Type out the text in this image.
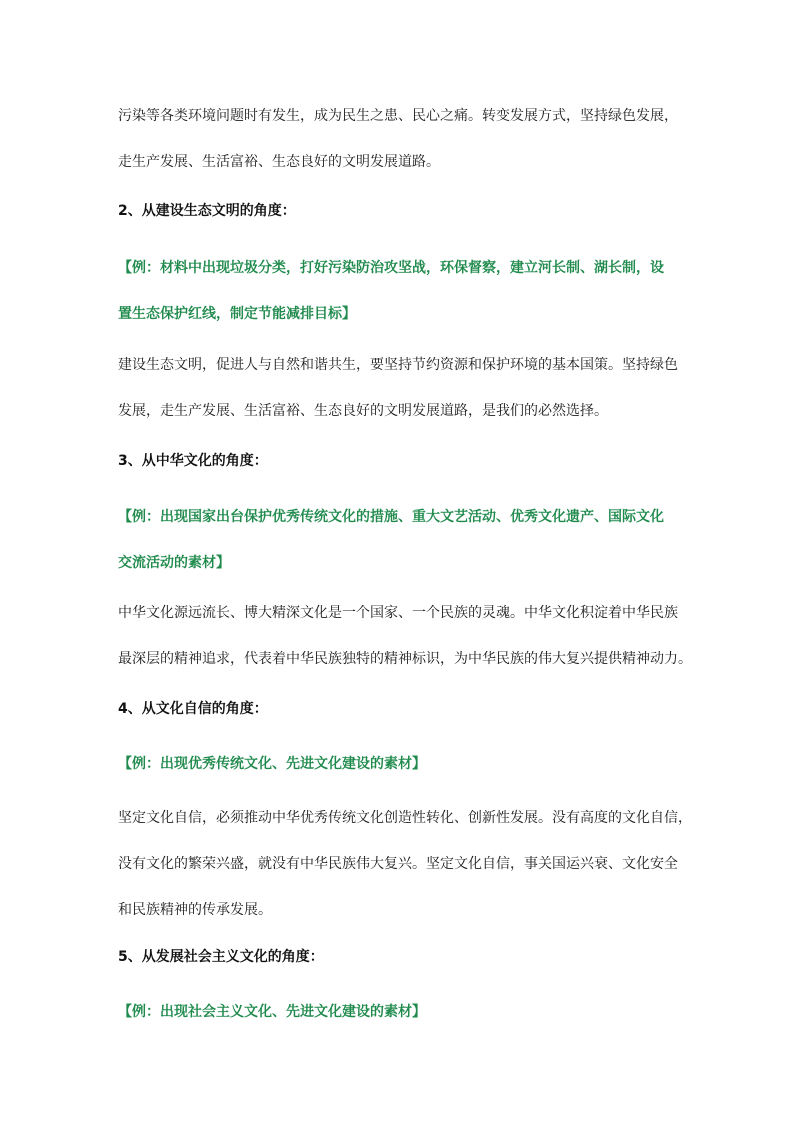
污染等各类环境问题时有发生，成为民生之患、民心之痛。转变发展方式，坚持绿色发展，
走生产发展、生活富裕、生态良好的文明发展道路。
2、从建设生态文明的角度：
【例：材料中出现垃圾分类，打好污染防治攻坚战，环保督察，建立河长制、湖长制，设
置生态保护红线，制定节能减排目标】
建设生态文明，促进人与自然和谐共生，要坚持节约资源和保护环境的基本国策。坚持绿色
发展，走生产发展、生活富裕、生态良好的文明发展道路，是我们的必然选择。
3、从中华文化的角度：
【例：出现国家出台保护优秀传统文化的措施、重大文艺活动、优秀文化遗产、国际文化
交流活动的素材】
中华文化源远流长、博大精深文化是一个国家、一个民族的灵魂。中华文化积淀着中华民族
最深层的精神追求，代表着中华民族独特的精神标识，为中华民族的伟大复兴提供精神动力。
4、从文化自信的角度：
【例：出现优秀传统文化、先进文化建设的素材】
坚定文化自信，必须推动中华优秀传统文化创造性转化、创新性发展。没有高度的文化自信，
没有文化的繁荣兴盛，就没有中华民族伟大复兴。坚定文化自信，事关国运兴衰、文化安全
和民族精神的传承发展。
5、从发展社会主义文化的角度：
【例：出现社会主义文化、先进文化建设的素材】
